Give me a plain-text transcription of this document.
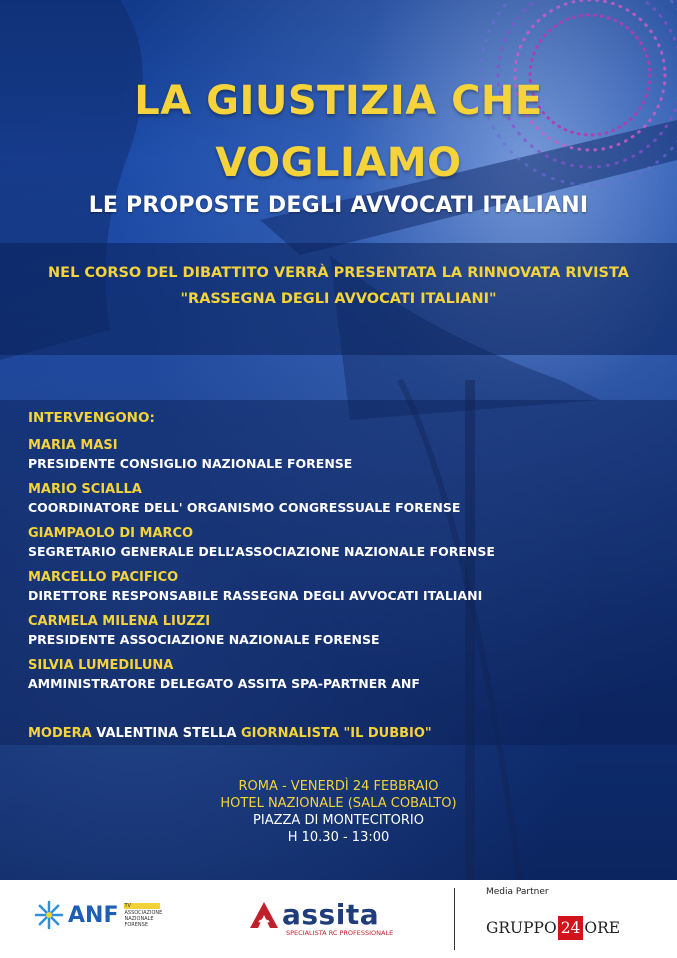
LA GIUSTIZIA CHE
VOGLIAMO
LE PROPOSTE DEGLI AVVOCATI ITALIANI
NEL CORSO DEL DIBATTITO VERRÀ PRESENTATA LA RINNOVATA RIVISTA
"RASSEGNA DEGLI AVVOCATI ITALIANI"
INTERVENGONO:
MARIA MASI
PRESIDENTE CONSIGLIO NAZIONALE FORENSE
MARIO SCIALLA
COORDINATORE DELL' ORGANISMO CONGRESSUALE FORENSE
GIAMPAOLO DI MARCO
SEGRETARIO GENERALE DELL’ASSOCIAZIONE NAZIONALE FORENSE
MARCELLO PACIFICO
DIRETTORE RESPONSABILE RASSEGNA DEGLI AVVOCATI ITALIANI
CARMELA MILENA LIUZZI
PRESIDENTE ASSOCIAZIONE NAZIONALE FORENSE
SILVIA LUMEDILUNA
AMMINISTRATORE DELEGATO ASSITA SPA-PARTNER ANF
MODERA VALENTINA STELLA GIORNALISTA "IL DUBBIO"
ROMA - VENERDÌ 24 FEBBRAIO
HOTEL NAZIONALE (SALA COBALTO)
PIAZZA DI MONTECITORIO
H 10.30 - 13:00
ANF TV
ASSOCIAZIONE NAZIONALE FORENSE	assita
SPECIALISTA RC PROFESSIONALE
Media Partner
GRUPPO 24 ORE
